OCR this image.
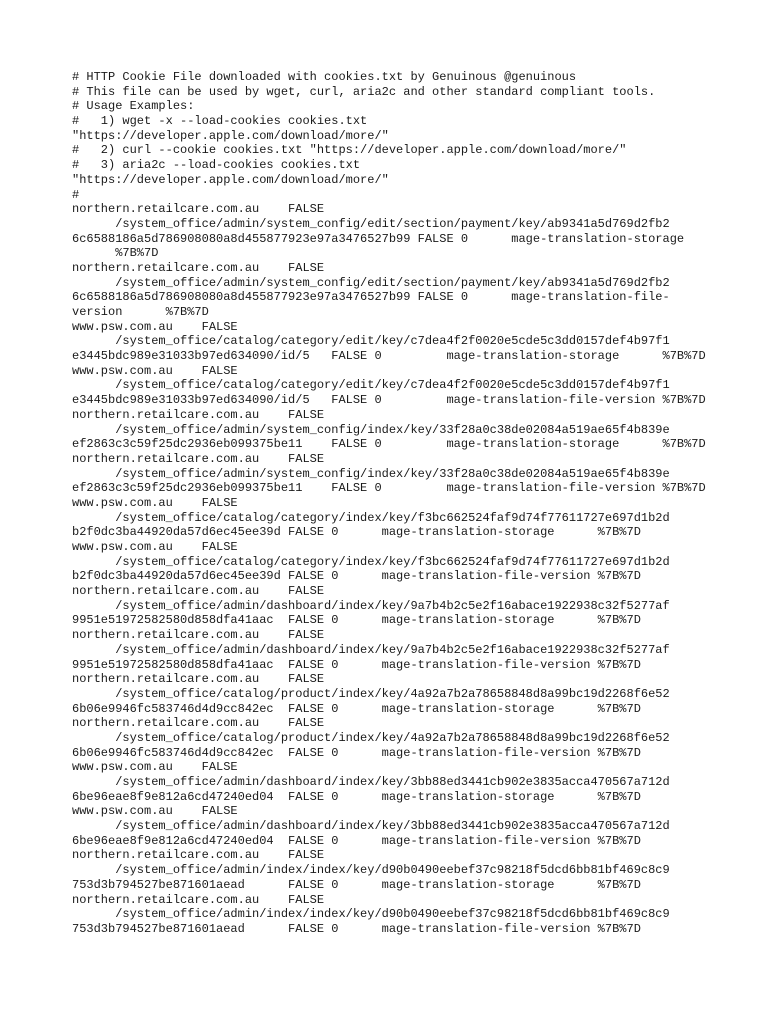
# HTTP Cookie File downloaded with cookies.txt by Genuinous @genuinous
# This file can be used by wget, curl, aria2c and other standard compliant tools.
# Usage Examples:
#   1) wget -x --load-cookies cookies.txt
"https://developer.apple.com/download/more/"
#   2) curl --cookie cookies.txt "https://developer.apple.com/download/more/"
#   3) aria2c --load-cookies cookies.txt
"https://developer.apple.com/download/more/"
#
northern.retailcare.com.au    FALSE
/system_office/admin/system_config/edit/section/payment/key/ab9341a5d769d2fb2
6c6588186a5d786908080a8d455877923e97a3476527b99 FALSE 0      mage-translation-storage
%7B%7D
northern.retailcare.com.au    FALSE
/system_office/admin/system_config/edit/section/payment/key/ab9341a5d769d2fb2
6c6588186a5d786908080a8d455877923e97a3476527b99 FALSE 0      mage-translation-file-
version      %7B%7D
www.psw.com.au    FALSE
/system_office/catalog/category/edit/key/c7dea4f2f0020e5cde5c3dd0157def4b97f1
e3445bdc989e31033b97ed634090/id/5   FALSE 0         mage-translation-storage      %7B%7D
www.psw.com.au    FALSE
/system_office/catalog/category/edit/key/c7dea4f2f0020e5cde5c3dd0157def4b97f1
e3445bdc989e31033b97ed634090/id/5   FALSE 0         mage-translation-file-version %7B%7D
northern.retailcare.com.au    FALSE
/system_office/admin/system_config/index/key/33f28a0c38de02084a519ae65f4b839e
ef2863c3c59f25dc2936eb099375be11    FALSE 0         mage-translation-storage      %7B%7D
northern.retailcare.com.au    FALSE
/system_office/admin/system_config/index/key/33f28a0c38de02084a519ae65f4b839e
ef2863c3c59f25dc2936eb099375be11    FALSE 0         mage-translation-file-version %7B%7D
www.psw.com.au    FALSE
/system_office/catalog/category/index/key/f3bc662524faf9d74f77611727e697d1b2d
b2f0dc3ba44920da57d6ec45ee39d FALSE 0      mage-translation-storage      %7B%7D
www.psw.com.au    FALSE
/system_office/catalog/category/index/key/f3bc662524faf9d74f77611727e697d1b2d
b2f0dc3ba44920da57d6ec45ee39d FALSE 0      mage-translation-file-version %7B%7D
northern.retailcare.com.au    FALSE
/system_office/admin/dashboard/index/key/9a7b4b2c5e2f16abace1922938c32f5277af
9951e51972582580d858dfa41aac  FALSE 0      mage-translation-storage      %7B%7D
northern.retailcare.com.au    FALSE
/system_office/admin/dashboard/index/key/9a7b4b2c5e2f16abace1922938c32f5277af
9951e51972582580d858dfa41aac  FALSE 0      mage-translation-file-version %7B%7D
northern.retailcare.com.au    FALSE
/system_office/catalog/product/index/key/4a92a7b2a78658848d8a99bc19d2268f6e52
6b06e9946fc583746d4d9cc842ec  FALSE 0      mage-translation-storage      %7B%7D
northern.retailcare.com.au    FALSE
/system_office/catalog/product/index/key/4a92a7b2a78658848d8a99bc19d2268f6e52
6b06e9946fc583746d4d9cc842ec  FALSE 0      mage-translation-file-version %7B%7D
www.psw.com.au    FALSE
/system_office/admin/dashboard/index/key/3bb88ed3441cb902e3835acca470567a712d
6be96eae8f9e812a6cd47240ed04  FALSE 0      mage-translation-storage      %7B%7D
www.psw.com.au    FALSE
/system_office/admin/dashboard/index/key/3bb88ed3441cb902e3835acca470567a712d
6be96eae8f9e812a6cd47240ed04  FALSE 0      mage-translation-file-version %7B%7D
northern.retailcare.com.au    FALSE
/system_office/admin/index/index/key/d90b0490eebef37c98218f5dcd6bb81bf469c8c9
753d3b794527be871601aead      FALSE 0      mage-translation-storage      %7B%7D
northern.retailcare.com.au    FALSE
/system_office/admin/index/index/key/d90b0490eebef37c98218f5dcd6bb81bf469c8c9
753d3b794527be871601aead      FALSE 0      mage-translation-file-version %7B%7D
